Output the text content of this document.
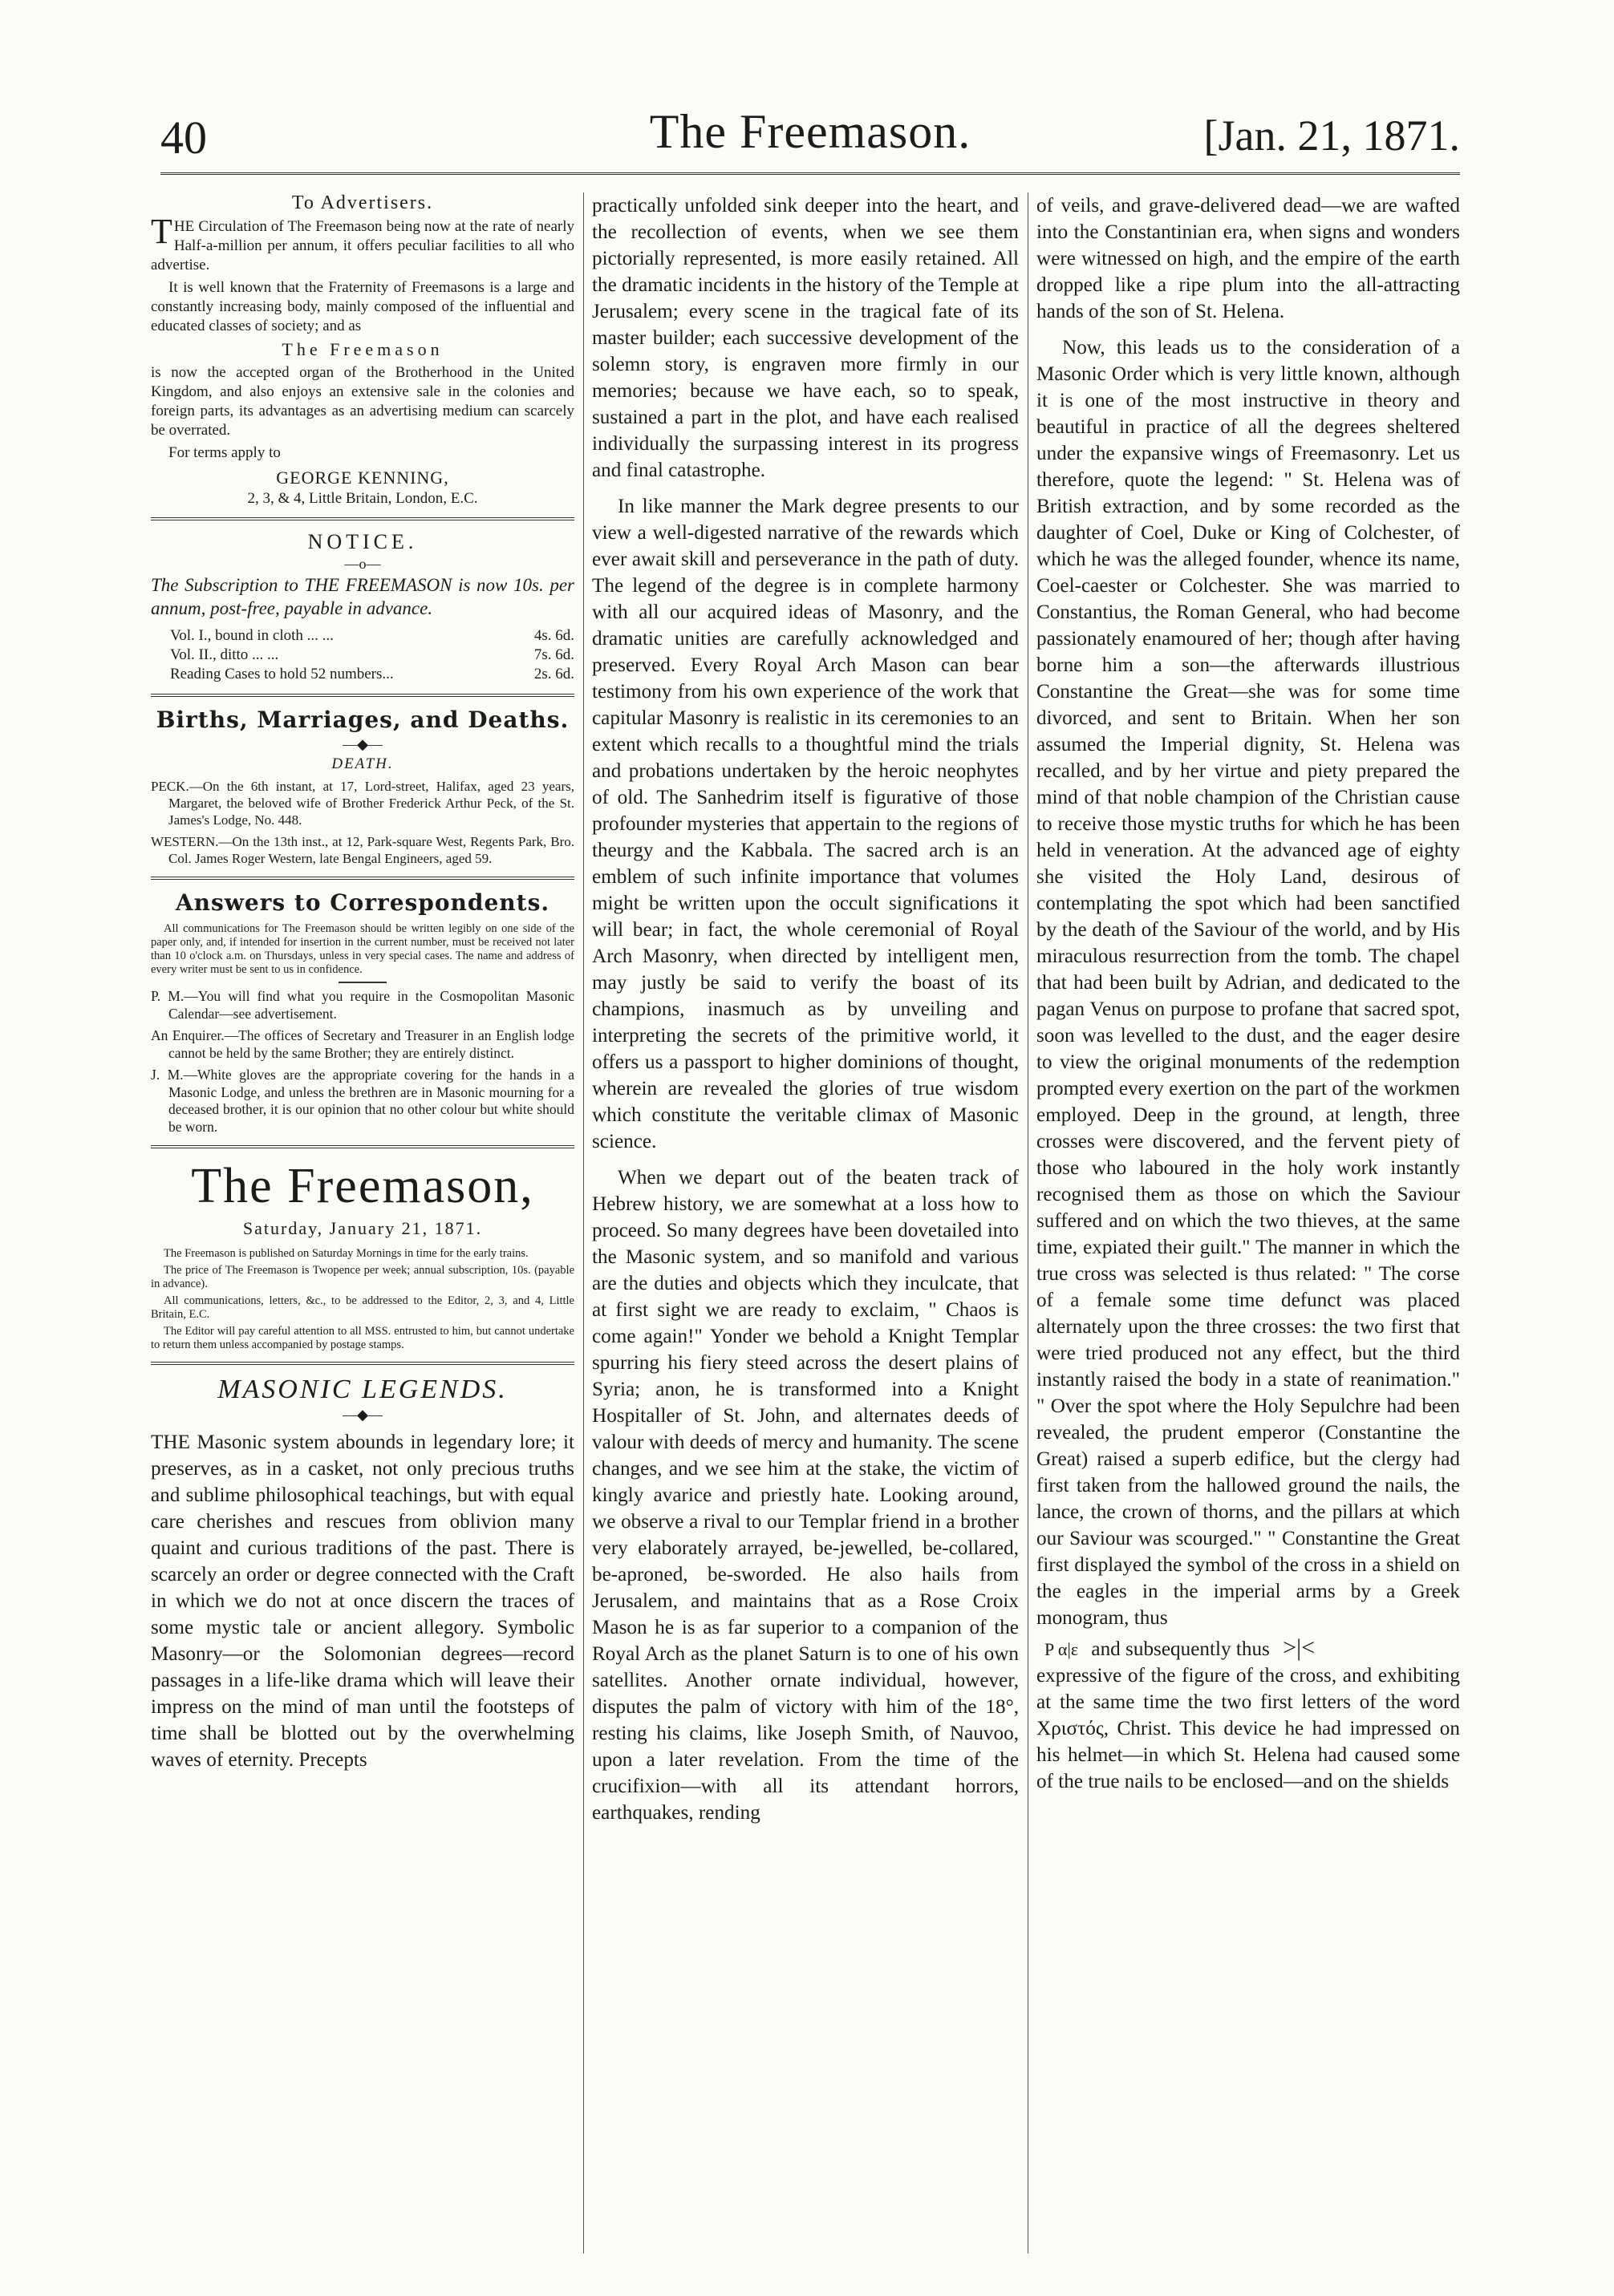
40	The Freemason.	[Jan. 21, 1871.
To Advertisers.

THE Circulation of The Freemason being now at the rate of nearly Half-a-million per annum, it offers peculiar facilities to all who advertise.

It is well known that the Fraternity of Freemasons is a large and constantly increasing body, mainly composed of the influential and educated classes of society; and as

The Freemason

is now the accepted organ of the Brotherhood in the United Kingdom, and also enjoys an extensive sale in the colonies and foreign parts, its advantages as an advertising medium can scarcely be overrated.

For terms apply to

GEORGE KENNING,
2, 3, & 4, Little Britain, London, E.C.
NOTICE.
—o—
The Subscription to THE FREEMASON is now 10s. per annum, post-free, payable in advance.
Vol. I., bound in cloth ... ...	4s. 6d.
Vol. II., ditto ... ...	7s. 6d.
Reading Cases to hold 52 numbers...	2s. 6d.
Births, Marriages, and Deaths.
—◆—
DEATH.

PECK.—On the 6th instant, at 17, Lord-street, Halifax, aged 23 years, Margaret, the beloved wife of Brother Frederick Arthur Peck, of the St. James's Lodge, No. 448.

WESTERN.—On the 13th inst., at 12, Park-square West, Regents Park, Bro. Col. James Roger Western, late Bengal Engineers, aged 59.

Answers to Correspondents.
All communications for The Freemason should be written legibly on one side of the paper only, and, if intended for insertion in the current number, must be received not later than 10 o'clock a.m. on Thursdays, unless in very special cases. The name and address of every writer must be sent to us in confidence.

P. M.—You will find what you require in the Cosmopolitan Masonic Calendar—see advertisement.

An Enquirer.—The offices of Secretary and Treasurer in an English lodge cannot be held by the same Brother; they are entirely distinct.

J. M.—White gloves are the appropriate covering for the hands in a Masonic Lodge, and unless the brethren are in Masonic mourning for a deceased brother, it is our opinion that no other colour but white should be worn.

The Freemason,
Saturday, January 21, 1871.

The Freemason is published on Saturday Mornings in time for the early trains.

The price of The Freemason is Twopence per week; annual subscription, 10s. (payable in advance).

All communications, letters, &c., to be addressed to the Editor, 2, 3, and 4, Little Britain, E.C.

The Editor will pay careful attention to all MSS. entrusted to him, but cannot undertake to return them unless accompanied by postage stamps.

MASONIC LEGENDS.
—◆—

THE Masonic system abounds in legendary lore; it preserves, as in a casket, not only precious truths and sublime philosophical teachings, but with equal care cherishes and rescues from oblivion many quaint and curious traditions of the past. There is scarcely an order or degree connected with the Craft in which we do not at once discern the traces of some mystic tale or ancient allegory. Symbolic Masonry—or the Solomonian degrees—record passages in a life-like drama which will leave their impress on the mind of man until the footsteps of time shall be blotted out by the overwhelming waves of eternity. Precepts

practically unfolded sink deeper into the heart, and the recollection of events, when we see them pictorially represented, is more easily retained. All the dramatic incidents in the history of the Temple at Jerusalem; every scene in the tragical fate of its master builder; each successive development of the solemn story, is engraven more firmly in our memories; because we have each, so to speak, sustained a part in the plot, and have each realised individually the surpassing interest in its progress and final catastrophe.

In like manner the Mark degree presents to our view a well-digested narrative of the rewards which ever await skill and perseverance in the path of duty. The legend of the degree is in complete harmony with all our acquired ideas of Masonry, and the dramatic unities are carefully acknowledged and preserved. Every Royal Arch Mason can bear testimony from his own experience of the work that capitular Masonry is realistic in its ceremonies to an extent which recalls to a thoughtful mind the trials and probations undertaken by the heroic neophytes of old. The Sanhedrim itself is figurative of those profounder mysteries that appertain to the regions of theurgy and the Kabbala. The sacred arch is an emblem of such infinite importance that volumes might be written upon the occult significations it will bear; in fact, the whole ceremonial of Royal Arch Masonry, when directed by intelligent men, may justly be said to verify the boast of its champions, inasmuch as by unveiling and interpreting the secrets of the primitive world, it offers us a passport to higher dominions of thought, wherein are revealed the glories of true wisdom which constitute the veritable climax of Masonic science.

When we depart out of the beaten track of Hebrew history, we are somewhat at a loss how to proceed. So many degrees have been dovetailed into the Masonic system, and so manifold and various are the duties and objects which they inculcate, that at first sight we are ready to exclaim, " Chaos is come again!" Yonder we behold a Knight Templar spurring his fiery steed across the desert plains of Syria; anon, he is transformed into a Knight Hospitaller of St. John, and alternates deeds of valour with deeds of mercy and humanity. The scene changes, and we see him at the stake, the victim of kingly avarice and priestly hate. Looking around, we observe a rival to our Templar friend in a brother very elaborately arrayed, be-jewelled, be-collared, be-aproned, be-sworded. He also hails from Jerusalem, and maintains that as a Rose Croix Mason he is as far superior to a companion of the Royal Arch as the planet Saturn is to one of his own satellites. Another ornate individual, however, disputes the palm of victory with him of the 18°, resting his claims, like Joseph Smith, of Nauvoo, upon a later revelation. From the time of the crucifixion—with all its attendant horrors, earthquakes, rending

of veils, and grave-delivered dead—we are wafted into the Constantinian era, when signs and wonders were witnessed on high, and the empire of the earth dropped like a ripe plum into the all-attracting hands of the son of St. Helena.

Now, this leads us to the consideration of a Masonic Order which is very little known, although it is one of the most instructive in theory and beautiful in practice of all the degrees sheltered under the expansive wings of Freemasonry. Let us therefore, quote the legend: " St. Helena was of British extraction, and by some recorded as the daughter of Coel, Duke or King of Colchester, of which he was the alleged founder, whence its name, Coel-caester or Colchester. She was married to Constantius, the Roman General, who had become passionately enamoured of her; though after having borne him a son—the afterwards illustrious Constantine the Great—she was for some time divorced, and sent to Britain. When her son assumed the Imperial dignity, St. Helena was recalled, and by her virtue and piety prepared the mind of that noble champion of the Christian cause to receive those mystic truths for which he has been held in veneration. At the advanced age of eighty she visited the Holy Land, desirous of contemplating the spot which had been sanctified by the death of the Saviour of the world, and by His miraculous resurrection from the tomb. The chapel that had been built by Adrian, and dedicated to the pagan Venus on purpose to profane that sacred spot, soon was levelled to the dust, and the eager desire to view the original monuments of the redemption prompted every exertion on the part of the workmen employed. Deep in the ground, at length, three crosses were discovered, and the fervent piety of those who laboured in the holy work instantly recognised them as those on which the Saviour suffered and on which the two thieves, at the same time, expiated their guilt." The manner in which the true cross was selected is thus related: " The corse of a female some time defunct was placed alternately upon the three crosses: the two first that were tried produced not any effect, but the third instantly raised the body in a state of reanimation." " Over the spot where the Holy Sepulchre had been revealed, the prudent emperor (Constantine the Great) raised a superb edifice, but the clergy had first taken from the hallowed ground the nails, the lance, the crown of thorns, and the pillars at which our Saviour was scourged." " Constantine the Great first displayed the symbol of the cross in a shield on the eagles in the imperial arms by a Greek monogram, thus

P α|ε and subsequently thus >|<

expressive of the figure of the cross, and exhibiting at the same time the two first letters of the word Χριστός, Christ. This device he had impressed on his helmet—in which St. Helena had caused some of the true nails to be enclosed—and on the shields
